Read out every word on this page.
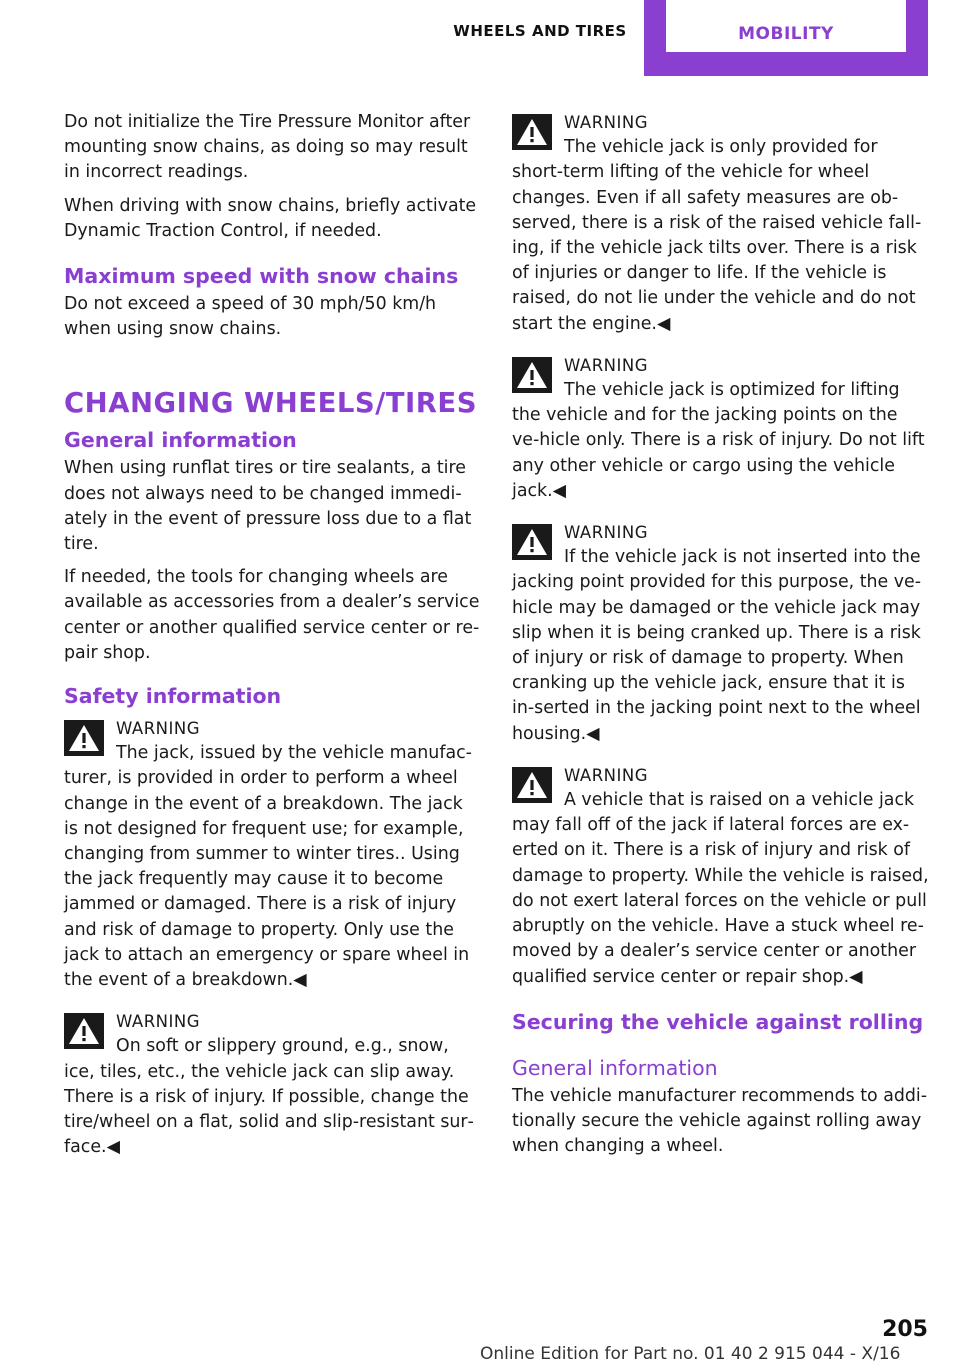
WHEELS AND TIRES	MOBILITY

Do not initialize the Tire Pressure Monitor after mounting snow chains, as doing so may result in incorrect readings.

When driving with snow chains, briefly activate Dynamic Traction Control, if needed.

Maximum speed with snow chains

Do not exceed a speed of 30 mph/50 km/h when using snow chains.

CHANGING WHEELS/TIRES
General information

When using runflat tires or tire sealants, a tire does not always need to be changed immedi‐ately in the event of pressure loss due to a flat tire.

If needed, the tools for changing wheels are available as accessories from a dealer’s service center or another qualified service center or re‐pair shop.

Safety information
WARNING
The jack, issued by the vehicle manufac‐turer, is provided in order to perform a wheel change in the event of a breakdown. The jack is not designed for frequent use; for example, changing from summer to winter tires.. Using the jack frequently may cause it to become jammed or damaged. There is a risk of injury and risk of damage to property. Only use the jack to attach an emergency or spare wheel in the event of a breakdown.◀
WARNING
On soft or slippery ground, e.g., snow, ice, tiles, etc., the vehicle jack can slip away. There is a risk of injury. If possible, change the tire/wheel on a flat, solid and slip-resistant sur‐face.◀
WARNING
The vehicle jack is only provided for short-term lifting of the vehicle for wheel changes. Even if all safety measures are ob‐served, there is a risk of the raised vehicle fall‐ing, if the vehicle jack tilts over. There is a risk of injuries or danger to life. If the vehicle is raised, do not lie under the vehicle and do not start the engine.◀
WARNING
The vehicle jack is optimized for lifting the vehicle and for the jacking points on the ve‐hicle only. There is a risk of injury. Do not lift any other vehicle or cargo using the vehicle jack.◀
WARNING
If the vehicle jack is not inserted into the jacking point provided for this purpose, the ve‐hicle may be damaged or the vehicle jack may slip when it is being cranked up. There is a risk of injury or risk of damage to property. When cranking up the vehicle jack, ensure that it is in‐serted in the jacking point next to the wheel housing.◀
WARNING
A vehicle that is raised on a vehicle jack may fall off of the jack if lateral forces are ex‐erted on it. There is a risk of injury and risk of damage to property. While the vehicle is raised, do not exert lateral forces on the vehicle or pull abruptly on the vehicle. Have a stuck wheel re‐moved by a dealer’s service center or another qualified service center or repair shop.◀
Securing the vehicle against rolling
General information

The vehicle manufacturer recommends to addi‐tionally secure the vehicle against rolling away when changing a wheel.

205
Online Edition for Part no. 01 40 2 915 044 - X/16
